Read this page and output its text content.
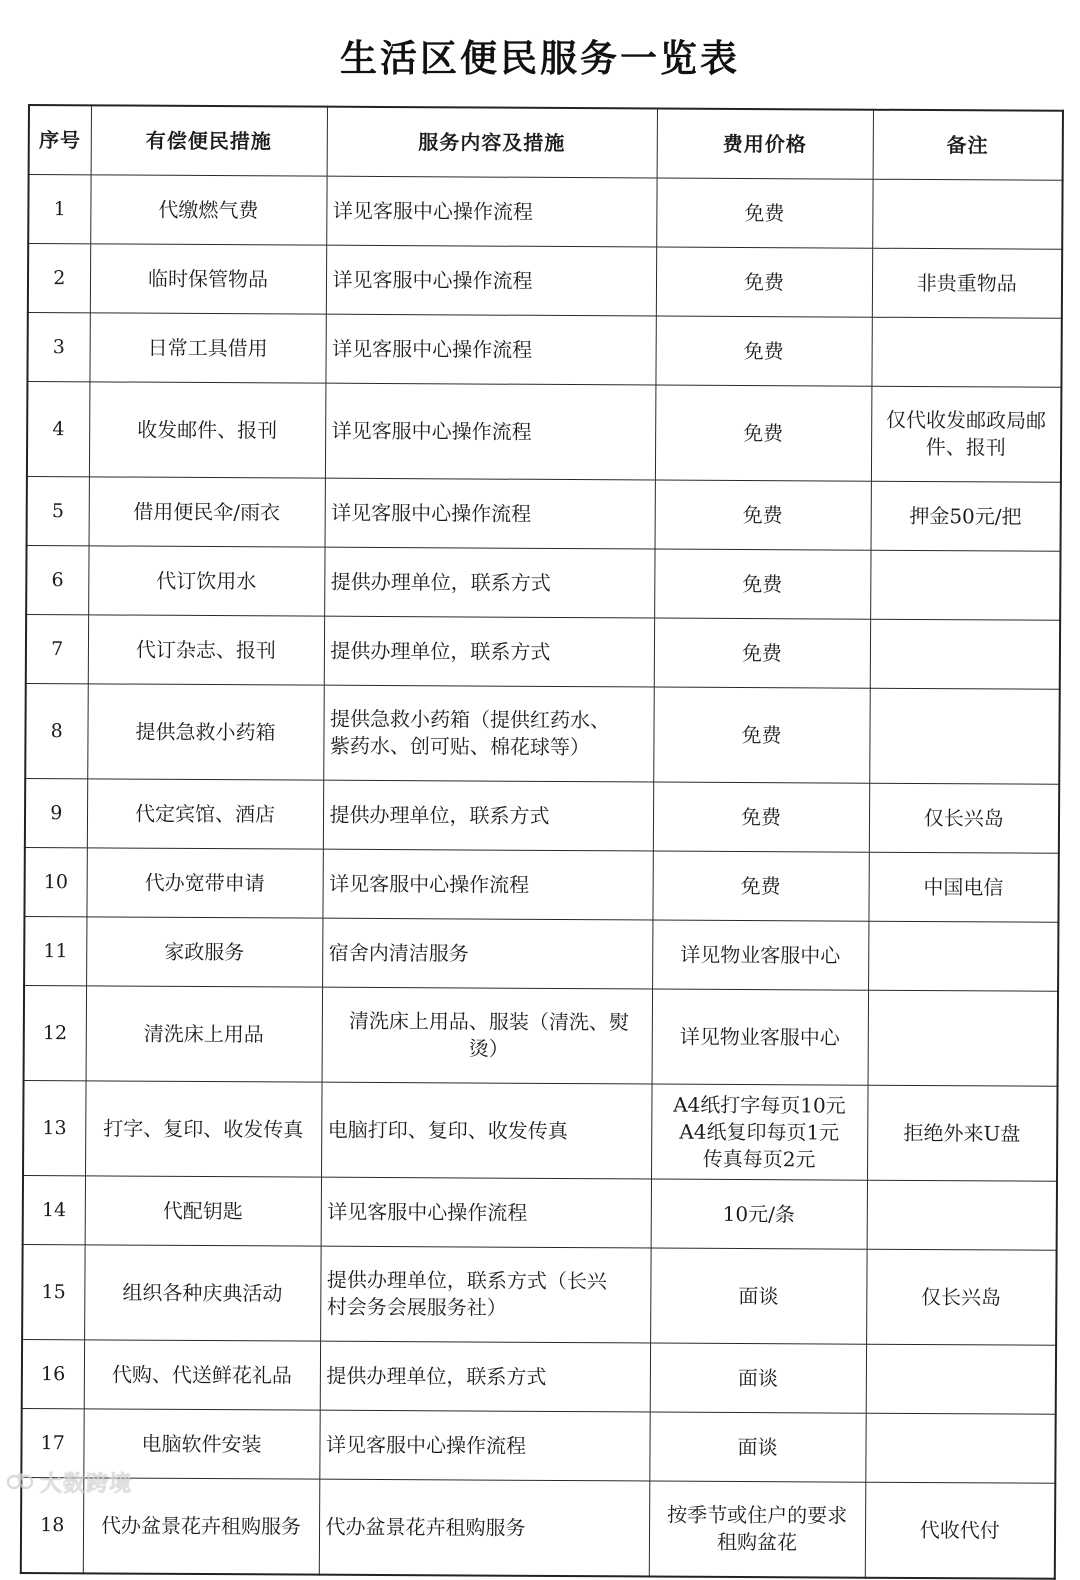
生活区便民服务一览表
序号	有偿便民措施	服务内容及措施	费用价格	备注
1	代缴燃气费	详见客服中心操作流程	免费	
2	临时保管物品	详见客服中心操作流程	免费	非贵重物品
3	日常工具借用	详见客服中心操作流程	免费	
4	收发邮件、报刊	详见客服中心操作流程	免费	仅代收发邮政局邮
件、报刊
5	借用便民伞/雨衣	详见客服中心操作流程	免费	押金50元/把
6	代订饮用水	提供办理单位，联系方式	免费	
7	代订杂志、报刊	提供办理单位，联系方式	免费	
8	提供急救小药箱	提供急救小药箱（提供红药水、
紫药水、创可贴、棉花球等）	免费	
9	代定宾馆、酒店	提供办理单位，联系方式	免费	仅长兴岛
10	代办宽带申请	详见客服中心操作流程	免费	中国电信
11	家政服务	宿舍内清洁服务	详见物业客服中心	
12	清洗床上用品	清洗床上用品、服装（清洗、熨
烫）	详见物业客服中心	
13	打字、复印、收发传真	电脑打印、复印、收发传真	A4纸打字每页10元
A4纸复印每页1元
传真每页2元	拒绝外来U盘
14	代配钥匙	详见客服中心操作流程	10元/条	
15	组织各种庆典活动	提供办理单位，联系方式（长兴
村会务会展服务社）	面谈	仅长兴岛
16	代购、代送鲜花礼品	提供办理单位，联系方式	面谈	
17	电脑软件安装	详见客服中心操作流程	面谈	
18	代办盆景花卉租购服务	代办盆景花卉租购服务	按季节或住户的要求
租购盆花	代收代付
大数跨境
